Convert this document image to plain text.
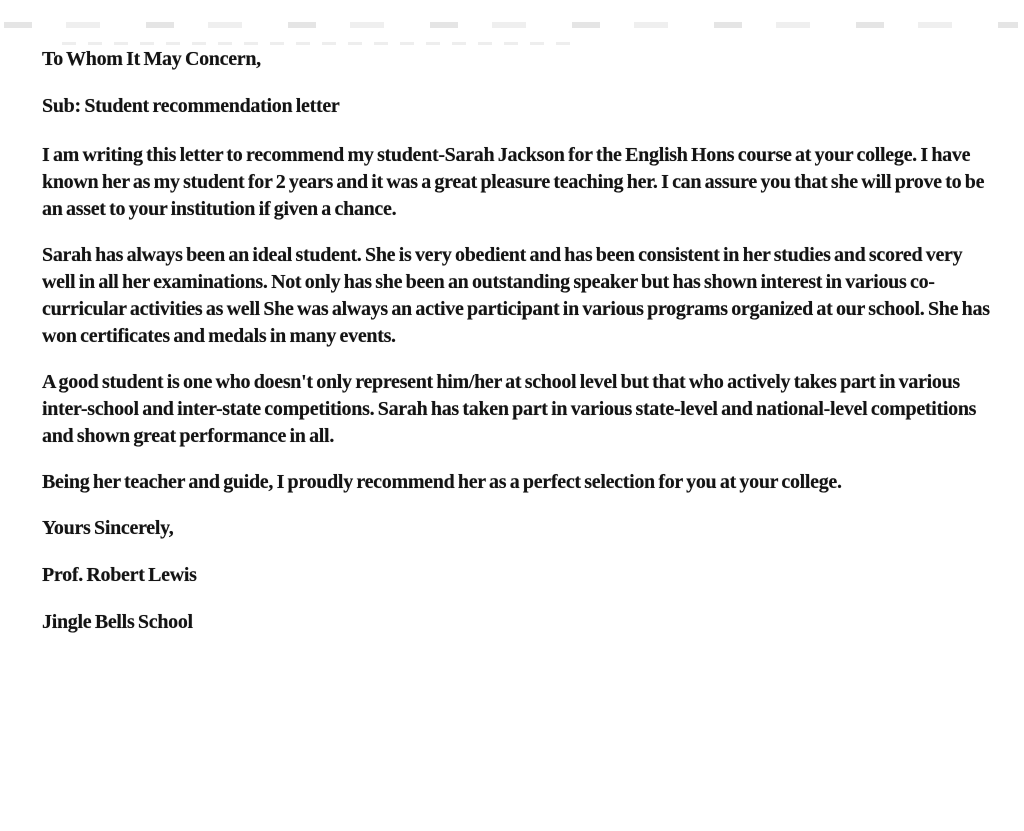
To Whom It May Concern,

Sub: Student recommendation letter

I am writing this letter to recommend my student-Sarah Jackson for the English Hons course at your college. I have known her as my student for 2 years and it was a great pleasure teaching her. I can assure you that she will prove to be an asset to your institution if given a chance.

Sarah has always been an ideal student. She is very obedient and has been consistent in her studies and scored very well in all her examinations. Not only has she been an outstanding speaker but has shown interest in various co-curricular activities as well She was always an active participant in various programs organized at our school. She has won certificates and medals in many events.

A good student is one who doesn't only represent him/her at school level but that who actively takes part in various inter-school and inter-state competitions. Sarah has taken part in various state-level and national-level competitions and shown great performance in all.

Being her teacher and guide, I proudly recommend her as a perfect selection for you at your college.

Yours Sincerely,

Prof. Robert Lewis

Jingle Bells School
